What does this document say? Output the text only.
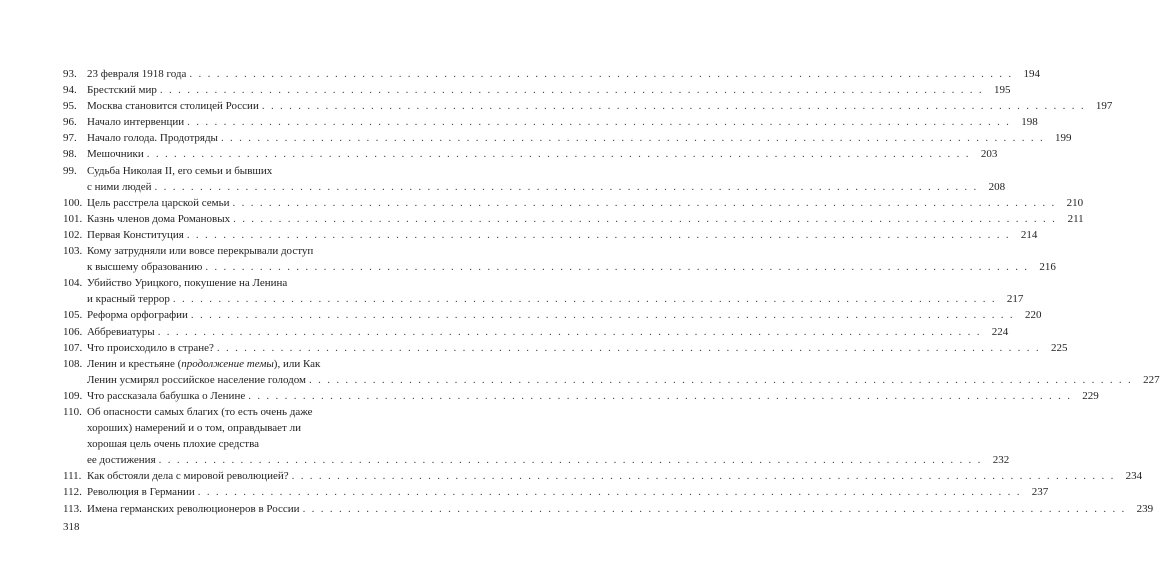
93. 23 февраля 1918 года . . .	194
94. Брестский мир . . .	195
95. Москва становится столицей России . . .	197
96. Начало интервенции . . .	198
97. Начало голода. Продотряды . . .	199
98. Мешочники . . .	203
99. Судьба Николая II, его семьи и бывших
с ними людей . . .	208
100. Цель расстрела царской семьи . . .	210
101. Казнь членов дома Романовых . . .	211
102. Первая Конституция . . .	214
103. Кому затрудняли или вовсе перекрывали доступ
к высшему образованию . . .	216
104. Убийство Урицкого, покушение на Ленина
и красный террор . . .	217
105. Реформа орфографии . . .	220
106. Аббревиатуры . . .	224
107. Что происходило в стране? . . .	225
108. Ленин и крестьяне (продолжение темы), или Как
Ленин усмирял российское население голодом . . .	227
109. Что рассказала бабушка о Ленине . . .	229
110. Об опасности самых благих (то есть очень даже
хороших) намерений и о том, оправдывает ли
хорошая цель очень плохие средства
ее достижения . . .	232
111. Как обстояли дела с мировой революцией? . . .	234
112. Революция в Германии . . .	237
113. Имена германских революционеров в России . . .	239
318
